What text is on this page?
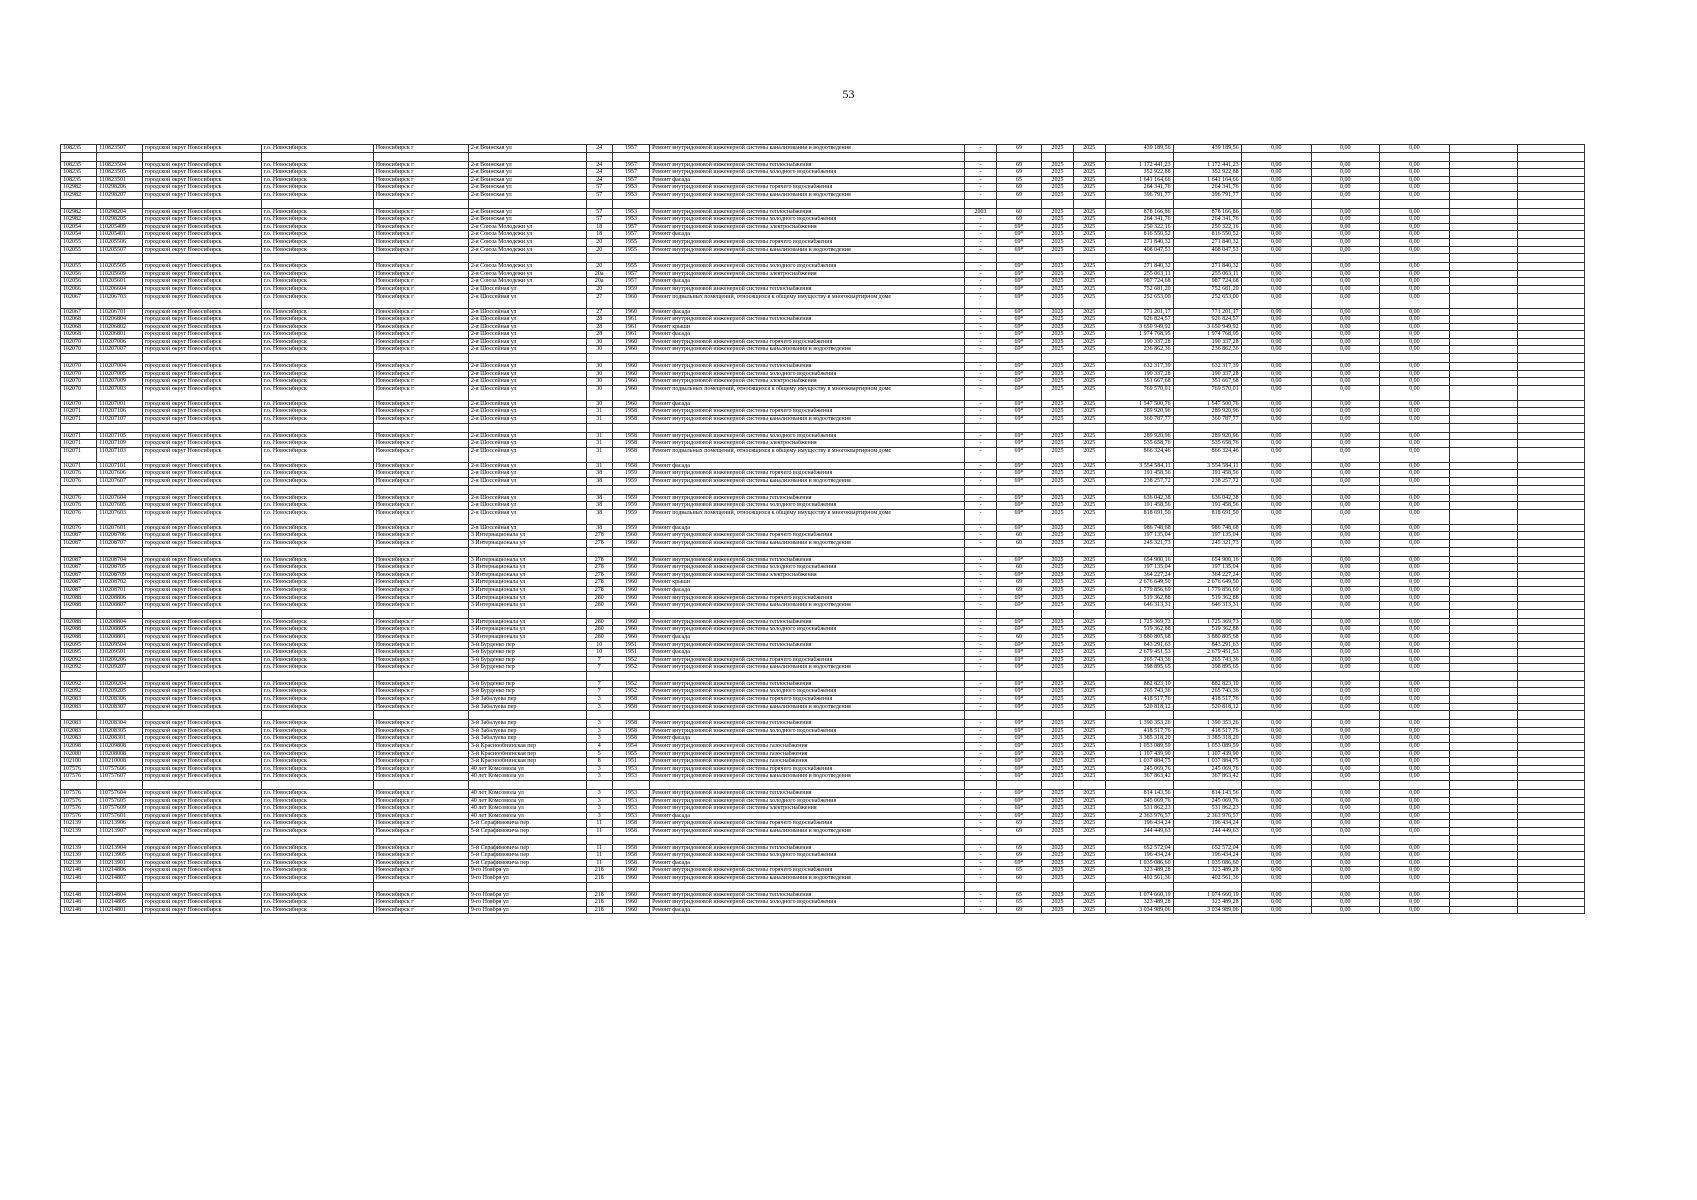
53
108235	110823507	городской округ Новосибирск	г.о. Новосибирск	Новосибирск г	2-я Воинская ул	24	1957	Ремонт внутридомовой инженерной системы канализования и водоотведения	-	69	2025	2025	439 189,56	439 189,56	0,00	0,00	0,00		

108235	110823504	городской округ Новосибирск	г.о. Новосибирск	Новосибирск г	2-я Воинская ул	24	1957	Ремонт внутридомовой инженерной системы теплоснабжения	-	69	2025	2025	1 172 441,23	1 172 441,23	0,00	0,00	0,00		
108235	110823505	городской округ Новосибирск	г.о. Новосибирск	Новосибирск г	2-я Воинская ул	24	1957	Ремонт внутридомовой инженерной системы холодного водоснабжения	-	69	2025	2025	352 922,88	352 922,88	0,00	0,00	0,00		
108235	110823501	городской округ Новосибирск	г.о. Новосибирск	Новосибирск г	2-я Воинская ул	24	1957	Ремонт фасада	-	65	2025	2025	1 641 164,66	1 641 164,66	0,00	0,00	0,00		
102982	110298206	городской округ Новосибирск	г.о. Новосибирск	Новосибирск г	2-я Воинская ул	57	1953	Ремонт внутридомовой инженерной системы горячего водоснабжения	-	69	2025	2025	264 341,76	264 341,76	0,00	0,00	0,00		
102982	110298207	городской округ Новосибирск	г.о. Новосибирск	Новосибирск г	2-я Воинская ул	57	1953	Ремонт внутридомовой инженерной системы канализования и водоотведения	-	69	2025	2025	396 791,77	396 791,77	0,00	0,00	0,00		

102982	110298204	городской округ Новосибирск	г.о. Новосибирск	Новосибирск г	2-я Воинская ул	57	1953	Ремонт внутридомовой инженерной системы теплоснабжения	2003	60	2025	2025	878 166,86	878 166,86	0,00	0,00	0,00		
102982	110298205	городской округ Новосибирск	г.о. Новосибирск	Новосибирск г	2-я Воинская ул	57	1953	Ремонт внутридомовой инженерной системы холодного водоснабжения	-	69	2025	2025	264 341,76	264 341,76	0,00	0,00	0,00		
102054	110205409	городской округ Новосибирск	г.о. Новосибирск	Новосибирск г	2-я Союза Молодежи ул	18	1957	Ремонт внутридомовой инженерной системы электроснабжения	-	69*	2025	2025	250 322,16	250 322,16	0,00	0,00	0,00		
102054	110205401	городской округ Новосибирск	г.о. Новосибирск	Новосибирск г	2-я Союза Молодежи ул	18	1957	Ремонт фасада	-	69*	2025	2025	816 550,52	816 550,52	0,00	0,00	0,00		
102055	110205506	городской округ Новосибирск	г.о. Новосибирск	Новосибирск г	2-я Союза Молодежи ул	20	1955	Ремонт внутридомовой инженерной системы горячего водоснабжения	-	69*	2025	2025	271 840,32	271 840,32	0,00	0,00	0,00		
102055	110205507	городской округ Новосибирск	г.о. Новосибирск	Новосибирск г	2-я Союза Молодежи ул	20	1955	Ремонт внутридомовой инженерной системы канализования и водоотведения	-	69*	2025	2025	408 047,53	408 047,53	0,00	0,00	0,00		

102055	110205505	городской округ Новосибирск	г.о. Новосибирск	Новосибирск г	2-я Союза Молодежи ул	20	1955	Ремонт внутридомовой инженерной системы холодного водоснабжения	-	69*	2025	2025	271 840,32	271 840,32	0,00	0,00	0,00		
102056	110205609	городской округ Новосибирск	г.о. Новосибирск	Новосибирск г	2-я Союза Молодежи ул	20а	1957	Ремонт внутридомовой инженерной системы электроснабжения	-	69*	2025	2025	255 063,11	255 063,11	0,00	0,00	0,00		
102056	110205601	городской округ Новосибирск	г.о. Новосибирск	Новосибирск г	2-я Союза Молодежи ул	20а	1957	Ремонт фасада	-	69*	2025	2025	987 724,68	987 724,68	0,00	0,00	0,00		
102066	110206604	городской округ Новосибирск	г.о. Новосибирск	Новосибирск г	2-я Шоссейная ул	20	1959	Ремонт внутридомовой инженерной системы теплоснабжения	-	69*	2025	2025	752 681,20	752 681,20	0,00	0,00	0,00		
102067	110206703	городской округ Новосибирск	г.о. Новосибирск	Новосибирск г	2-я Шоссейная ул	27	1960	Ремонт подвальных помещений, относящихся к общему имуществу в многоквартирном доме	-	69*	2025	2025	252 653,00	252 653,00	0,00	0,00	0,00		
102067	110206701	городской округ Новосибирск	г.о. Новосибирск	Новосибирск г	2-я Шоссейная ул	27	1960	Ремонт фасада	-	69*	2025	2025	771 201,17	771 201,17	0,00	0,00	0,00		
102068	110206804	городской округ Новосибирск	г.о. Новосибирск	Новосибирск г	2-я Шоссейная ул	28	1961	Ремонт внутридомовой инженерной системы теплоснабжения	-	69*	2025	2025	926 824,57	926 824,57	0,00	0,00	0,00		
102068	110206802	городской округ Новосибирск	г.о. Новосибирск	Новосибирск г	2-я Шоссейная ул	28	1961	Ремонт крыши	-	69*	2025	2025	3 650 949,92	3 650 949,92	0,00	0,00	0,00		
102068	110206801	городской округ Новосибирск	г.о. Новосибирск	Новосибирск г	2-я Шоссейная ул	28	1961	Ремонт фасада	-	69*	2025	2025	1 974 768,95	1 974 768,95	0,00	0,00	0,00		
102070	110207006	городской округ Новосибирск	г.о. Новосибирск	Новосибирск г	2-я Шоссейная ул	30	1960	Ремонт внутридомовой инженерной системы горячего водоснабжения	-	69*	2025	2025	190 337,28	190 337,28	0,00	0,00	0,00		
102070	110207007	городской округ Новосибирск	г.о. Новосибирск	Новосибирск г	2-я Шоссейная ул	30	1960	Ремонт внутридомовой инженерной системы канализования и водоотведения	-	69*	2025	2025	236 862,36	236 862,36	0,00	0,00	0,00		

102070	110207004	городской округ Новосибирск	г.о. Новосибирск	Новосибирск г	2-я Шоссейная ул	30	1960	Ремонт внутридомовой инженерной системы теплоснабжения	-	69*	2025	2025	632 317,39	632 317,39	0,00	0,00	0,00		
102070	110207005	городской округ Новосибирск	г.о. Новосибирск	Новосибирск г	2-я Шоссейная ул	30	1960	Ремонт внутридомовой инженерной системы холодного водоснабжения	-	69*	2025	2025	190 337,28	190 337,28	0,00	0,00	0,00		
102070	110207009	городской округ Новосибирск	г.о. Новосибирск	Новосибирск г	2-я Шоссейная ул	30	1960	Ремонт внутридомовой инженерной системы электроснабжения	-	69*	2025	2025	351 667,68	351 667,68	0,00	0,00	0,00		
102070	110207003	городской округ Новосибирск	г.о. Новосибирск	Новосибирск г	2-я Шоссейная ул	30	1960	Ремонт подвальных помещений, относящихся к общему имуществу в многоквартирном доме	-	69*	2025	2025	769 570,01	769 570,01	0,00	0,00	0,00		
102070	110207001	городской округ Новосибирск	г.о. Новосибирск	Новосибирск г	2-я Шоссейная ул	30	1960	Ремонт фасада	-	69*	2025	2025	1 547 500,76	1 547 500,76	0,00	0,00	0,00		
102071	110207106	городской округ Новосибирск	г.о. Новосибирск	Новосибирск г	2-я Шоссейная ул	31	1958	Ремонт внутридомовой инженерной системы горячего водоснабжения	-	69*	2025	2025	289 920,96	289 920,96	0,00	0,00	0,00		
102071	110207107	городской округ Новосибирск	г.о. Новосибирск	Новосибирск г	2-я Шоссейная ул	31	1958	Ремонт внутридомовой инженерной системы канализования и водоотведения	-	69*	2025	2025	360 787,77	360 787,77	0,00	0,00	0,00		

102071	110207105	городской округ Новосибирск	г.о. Новосибирск	Новосибирск г	2-я Шоссейная ул	31	1958	Ремонт внутридомовой инженерной системы холодного водоснабжения	-	69*	2025	2025	289 920,96	289 920,96	0,00	0,00	0,00		
102071	110207109	городской округ Новосибирск	г.о. Новосибирск	Новосибирск г	2-я Шоссейная ул	31	1958	Ремонт внутридомовой инженерной системы электроснабжения	-	69*	2025	2025	535 658,76	535 658,76	0,00	0,00	0,00		
102071	110207103	городской округ Новосибирск	г.о. Новосибирск	Новосибирск г	2-я Шоссейная ул	31	1958	Ремонт подвальных помещений, относящихся к общему имуществу в многоквартирном доме	-	69*	2025	2025	866 324,46	866 324,46	0,00	0,00	0,00		
102071	110207101	городской округ Новосибирск	г.о. Новосибирск	Новосибирск г	2-я Шоссейная ул	31	1958	Ремонт фасада	-	69*	2025	2025	3 554 584,11	3 554 584,11	0,00	0,00	0,00		
102076	110207606	городской округ Новосибирск	г.о. Новосибирск	Новосибирск г	2-я Шоссейная ул	38	1959	Ремонт внутридомовой инженерной системы горячего водоснабжения	-	69*	2025	2025	191 458,56	191 458,56	0,00	0,00	0,00		
102076	110207607	городской округ Новосибирск	г.о. Новосибирск	Новосибирск г	2-я Шоссейная ул	38	1959	Ремонт внутридомовой инженерной системы канализования и водоотведения	-	69*	2025	2025	238 257,72	238 257,72	0,00	0,00	0,00		

102076	110207604	городской округ Новосибирск	г.о. Новосибирск	Новосибирск г	2-я Шоссейная ул	38	1959	Ремонт внутридомовой инженерной системы теплоснабжения	-	69*	2025	2025	636 042,38	636 042,38	0,00	0,00	0,00		
102076	110207605	городской округ Новосибирск	г.о. Новосибирск	Новосибирск г	2-я Шоссейная ул	38	1959	Ремонт внутридомовой инженерной системы холодного водоснабжения	-	69*	2025	2025	191 458,56	191 458,56	0,00	0,00	0,00		
102076	110207603	городской округ Новосибирск	г.о. Новосибирск	Новосибирск г	2-я Шоссейная ул	38	1959	Ремонт подвальных помещений, относящихся к общему имуществу в многоквартирном доме	-	69*	2025	2025	818 691,50	818 691,50	0,00	0,00	0,00		
102076	110207601	городской округ Новосибирск	г.о. Новосибирск	Новосибирск г	2-я Шоссейная ул	38	1959	Ремонт фасада	-	69*	2025	2025	986 748,68	986 748,68	0,00	0,00	0,00		
102087	110208706	городской округ Новосибирск	г.о. Новосибирск	Новосибирск г	3 Интернационала ул	278	1960	Ремонт внутридомовой инженерной системы горячего водоснабжения	-	60	2025	2025	197 135,04	197 135,04	0,00	0,00	0,00		
102087	110208707	городской округ Новосибирск	г.о. Новосибирск	Новосибирск г	3 Интернационала ул	278	1960	Ремонт внутридомовой инженерной системы канализования и водоотведения	-	60	2025	2025	245 321,73	245 321,73	0,00	0,00	0,00		

102087	110208704	городской округ Новосибирск	г.о. Новосибирск	Новосибирск г	3 Интернационала ул	278	1960	Ремонт внутридомовой инженерной системы теплоснабжения	-	69*	2025	2025	654 900,16	654 900,16	0,00	0,00	0,00		
102087	110208705	городской округ Новосибирск	г.о. Новосибирск	Новосибирск г	3 Интернационала ул	278	1960	Ремонт внутридомовой инженерной системы холодного водоснабжения	-	60	2025	2025	197 135,04	197 135,04	0,00	0,00	0,00		
102087	110208709	городской округ Новосибирск	г.о. Новосибирск	Новосибирск г	3 Интернационала ул	278	1960	Ремонт внутридомовой инженерной системы электроснабжения	-	69*	2025	2025	364 227,24	364 227,24	0,00	0,00	0,00		
102087	110208702	городской округ Новосибирск	г.о. Новосибирск	Новосибирск г	3 Интернационала ул	278	1960	Ремонт крыши	-	69	2025	2025	2 676 649,50	2 676 649,50	0,00	0,00	0,00		
102087	110208701	городской округ Новосибирск	г.о. Новосибирск	Новосибирск г	3 Интернационала ул	278	1960	Ремонт фасада	-	69	2025	2025	1 779 856,69	1 779 856,69	0,00	0,00	0,00		
102088	110208806	городской округ Новосибирск	г.о. Новосибирск	Новосибирск г	3 Интернационала ул	280	1960	Ремонт внутридомовой инженерной системы горячего водоснабжения	-	69*	2025	2025	519 362,88	519 362,88	0,00	0,00	0,00		
102088	110208807	городской округ Новосибирск	г.о. Новосибирск	Новосибирск г	3 Интернационала ул	280	1960	Ремонт внутридомовой инженерной системы канализования и водоотведения	-	69*	2025	2025	646 313,31	646 313,31	0,00	0,00	0,00		

102088	110208804	городской округ Новосибирск	г.о. Новосибирск	Новосибирск г	3 Интернационала ул	280	1960	Ремонт внутридомовой инженерной системы теплоснабжения	-	69*	2025	2025	1 725 369,73	1 725 369,73	0,00	0,00	0,00		
102088	110208805	городской округ Новосибирск	г.о. Новосибирск	Новосибирск г	3 Интернационала ул	280	1960	Ремонт внутридомовой инженерной системы холодного водоснабжения	-	69*	2025	2025	519 362,88	519 362,88	0,00	0,00	0,00		
102088	110208801	городской округ Новосибирск	г.о. Новосибирск	Новосибирск г	3 Интернационала ул	280	1960	Ремонт фасада	-	60	2025	2025	3 880 805,68	3 880 805,68	0,00	0,00	0,00		
102095	110209504	городской округ Новосибирск	г.о. Новосибирск	Новосибирск г	3-й Бурденко пер	10	1951	Ремонт внутридомовой инженерной системы теплоснабжения	-	69*	2025	2025	843 291,63	843 291,63	0,00	0,00	0,00		
102095	110209501	городской округ Новосибирск	г.о. Новосибирск	Новосибирск г	3-й Бурденко пер	10	1951	Ремонт фасада	-	69*	2025	2025	2 679 451,53	2 679 451,53	0,00	0,00	0,00		
102092	110209206	городской округ Новосибирск	г.о. Новосибирск	Новосибирск г	3-й Бурденко пер	7	1952	Ремонт внутридомовой инженерной системы горячего водоснабжения	-	69*	2025	2025	265 743,36	265 743,36	0,00	0,00	0,00		
102092	110209207	городской округ Новосибирск	г.о. Новосибирск	Новосибирск г	3-й Бурденко пер	7	1952	Ремонт внутридомовой инженерной системы канализования и водоотведения	-	69*	2025	2025	398 895,65	398 895,65	0,00	0,00	0,00		

102092	110209204	городской округ Новосибирск	г.о. Новосибирск	Новосибирск г	3-й Бурденко пер	7	1952	Ремонт внутридомовой инженерной системы теплоснабжения	-	69*	2025	2025	882 823,10	882 823,10	0,00	0,00	0,00		
102092	110209205	городской округ Новосибирск	г.о. Новосибирск	Новосибирск г	3-й Бурденко пер	7	1952	Ремонт внутридомовой инженерной системы холодного водоснабжения	-	69*	2025	2025	265 743,36	265 743,36	0,00	0,00	0,00		
102083	110208306	городской округ Новосибирск	г.о. Новосибирск	Новосибирск г	3-й Забалуева пер	3	1958	Ремонт внутридомовой инженерной системы горячего водоснабжения	-	69*	2025	2025	418 517,76	418 517,76	0,00	0,00	0,00		
102083	110208307	городской округ Новосибирск	г.о. Новосибирск	Новосибирск г	3-й Забалуева пер	3	1958	Ремонт внутридомовой инженерной системы канализования и водоотведения	-	69*	2025	2025	520 818,12	520 818,12	0,00	0,00	0,00		

102083	110208304	городской округ Новосибирск	г.о. Новосибирск	Новосибирск г	3-й Забалуева пер	3	1958	Ремонт внутридомовой инженерной системы теплоснабжения	-	69*	2025	2025	1 390 353,26	1 390 353,26	0,00	0,00	0,00		
102083	110208305	городской округ Новосибирск	г.о. Новосибирск	Новосибирск г	3-й Забалуева пер	3	1958	Ремонт внутридомовой инженерной системы холодного водоснабжения	-	69*	2025	2025	418 517,76	418 517,76	0,00	0,00	0,00		
102083	110208301	городской округ Новосибирск	г.о. Новосибирск	Новосибирск г	3-й Забалуева пер	3	1958	Ремонт фасада	-	69*	2025	2025	3 385 318,20	3 385 318,20	0,00	0,00	0,00		
102098	110209808	городской округ Новосибирск	г.о. Новосибирск	Новосибирск г	3-й Краснообнинская пер	4	1954	Ремонт внутридомовой инженерной системы газоснабжения	-	69*	2025	2025	1 053 089,59	1 053 089,59	0,00	0,00	0,00		
102080	110208008	городской округ Новосибирск	г.о. Новосибирск	Новосибирск г	3-й Краснообнинская пер	5	1955	Ремонт внутридомовой инженерной системы газоснабжения	-	69*	2025	2025	1 107 439,90	1 107 439,90	0,00	0,00	0,00		
102100	110210008	городской округ Новосибирск	г.о. Новосибирск	Новосибирск г	3-й Краснообнинская пер	8	1951	Ремонт внутридомовой инженерной системы газоснабжения	-	69*	2025	2025	1 037 884,75	1 037 884,75	0,00	0,00	0,00		
107576	110757606	городской округ Новосибирск	г.о. Новосибирск	Новосибирск г	40 лет Комсомола ул	3	1953	Ремонт внутридомовой инженерной системы горячего водоснабжения	-	69*	2025	2025	245 069,76	245 069,76	0,00	0,00	0,00		
107576	110757607	городской округ Новосибирск	г.о. Новосибирск	Новосибирск г	40 лет Комсомола ул	3	1953	Ремонт внутридомовой инженерной системы канализования и водоотведения	-	69*	2025	2025	367 863,42	367 863,42	0,00	0,00	0,00		

107576	110757604	городской округ Новосибирск	г.о. Новосибирск	Новосибирск г	40 лет Комсомола ул	3	1953	Ремонт внутридомовой инженерной системы теплоснабжения	-	69*	2025	2025	814 143,56	814 143,56	0,00	0,00	0,00		
107576	110757605	городской округ Новосибирск	г.о. Новосибирск	Новосибирск г	40 лет Комсомола ул	3	1953	Ремонт внутридомовой инженерной системы холодного водоснабжения	-	69*	2025	2025	245 069,76	245 069,76	0,00	0,00	0,00		
107576	110757609	городской округ Новосибирск	г.о. Новосибирск	Новосибирск г	40 лет Комсомола ул	3	1953	Ремонт внутридомовой инженерной системы электроснабжения	-	69*	2025	2025	531 862,23	531 862,23	0,00	0,00	0,00		
107576	110757601	городской округ Новосибирск	г.о. Новосибирск	Новосибирск г	40 лет Комсомола ул	3	1953	Ремонт фасада	-	69*	2025	2025	2 363 976,57	2 363 976,57	0,00	0,00	0,00		
102139	110213906	городской округ Новосибирск	г.о. Новосибирск	Новосибирск г	5-й Серафимовича пер	11	1958	Ремонт внутридомовой инженерной системы горячего водоснабжения	-	69	2025	2025	196 434,24	196 434,24	0,00	0,00	0,00		
102139	110213907	городской округ Новосибирск	г.о. Новосибирск	Новосибирск г	5-й Серафимовича пер	11	1958	Ремонт внутридомовой инженерной системы канализования и водоотведения	-	69	2025	2025	244 449,63	244 449,63	0,00	0,00	0,00		

102139	110213904	городской округ Новосибирск	г.о. Новосибирск	Новосибирск г	5-й Серафимовича пер	11	1958	Ремонт внутридомовой инженерной системы теплоснабжения	-	69	2025	2025	652 572,04	652 572,04	0,00	0,00	0,00		
102139	110213905	городской округ Новосибирск	г.о. Новосибирск	Новосибирск г	5-й Серафимовича пер	11	1958	Ремонт внутридомовой инженерной системы холодного водоснабжения	-	69	2025	2025	196 434,24	196 434,24	0,00	0,00	0,00		
102139	110213901	городской округ Новосибирск	г.о. Новосибирск	Новосибирск г	5-й Серафимовича пер	11	1958	Ремонт фасада	-	69*	2025	2025	1 035 086,60	1 035 086,60	0,00	0,00	0,00		
102148	110214806	городской округ Новосибирск	г.о. Новосибирск	Новосибирск г	9-го Ноября ул	218	1960	Ремонт внутридомовой инженерной системы горячего водоснабжения	-	65	2025	2025	323 489,28	323 489,28	0,00	0,00	0,00		
102148	110214807	городской округ Новосибирск	г.о. Новосибирск	Новосибирск г	9-го Ноября ул	218	1960	Ремонт внутридомовой инженерной системы канализования и водоотведения	-	60	2025	2025	402 561,36	402 561,36	0,00	0,00	0,00		

102148	110214804	городской округ Новосибирск	г.о. Новосибирск	Новосибирск г	9-го Ноября ул	218	1960	Ремонт внутридомовой инженерной системы теплоснабжения	-	65	2025	2025	1 074 660,19	1 074 660,19	0,00	0,00	0,00		
102148	110214805	городской округ Новосибирск	г.о. Новосибирск	Новосибирск г	9-го Ноября ул	218	1960	Ремонт внутридомовой инженерной системы холодного водоснабжения	-	65	2025	2025	323 489,28	323 489,28	0,00	0,00	0,00		
102148	110214801	городской округ Новосибирск	г.о. Новосибирск	Новосибирск г	9-го Ноября ул	218	1960	Ремонт фасада	-	69	2025	2025	3 034 989,06	3 034 989,06	0,00	0,00	0,00		
